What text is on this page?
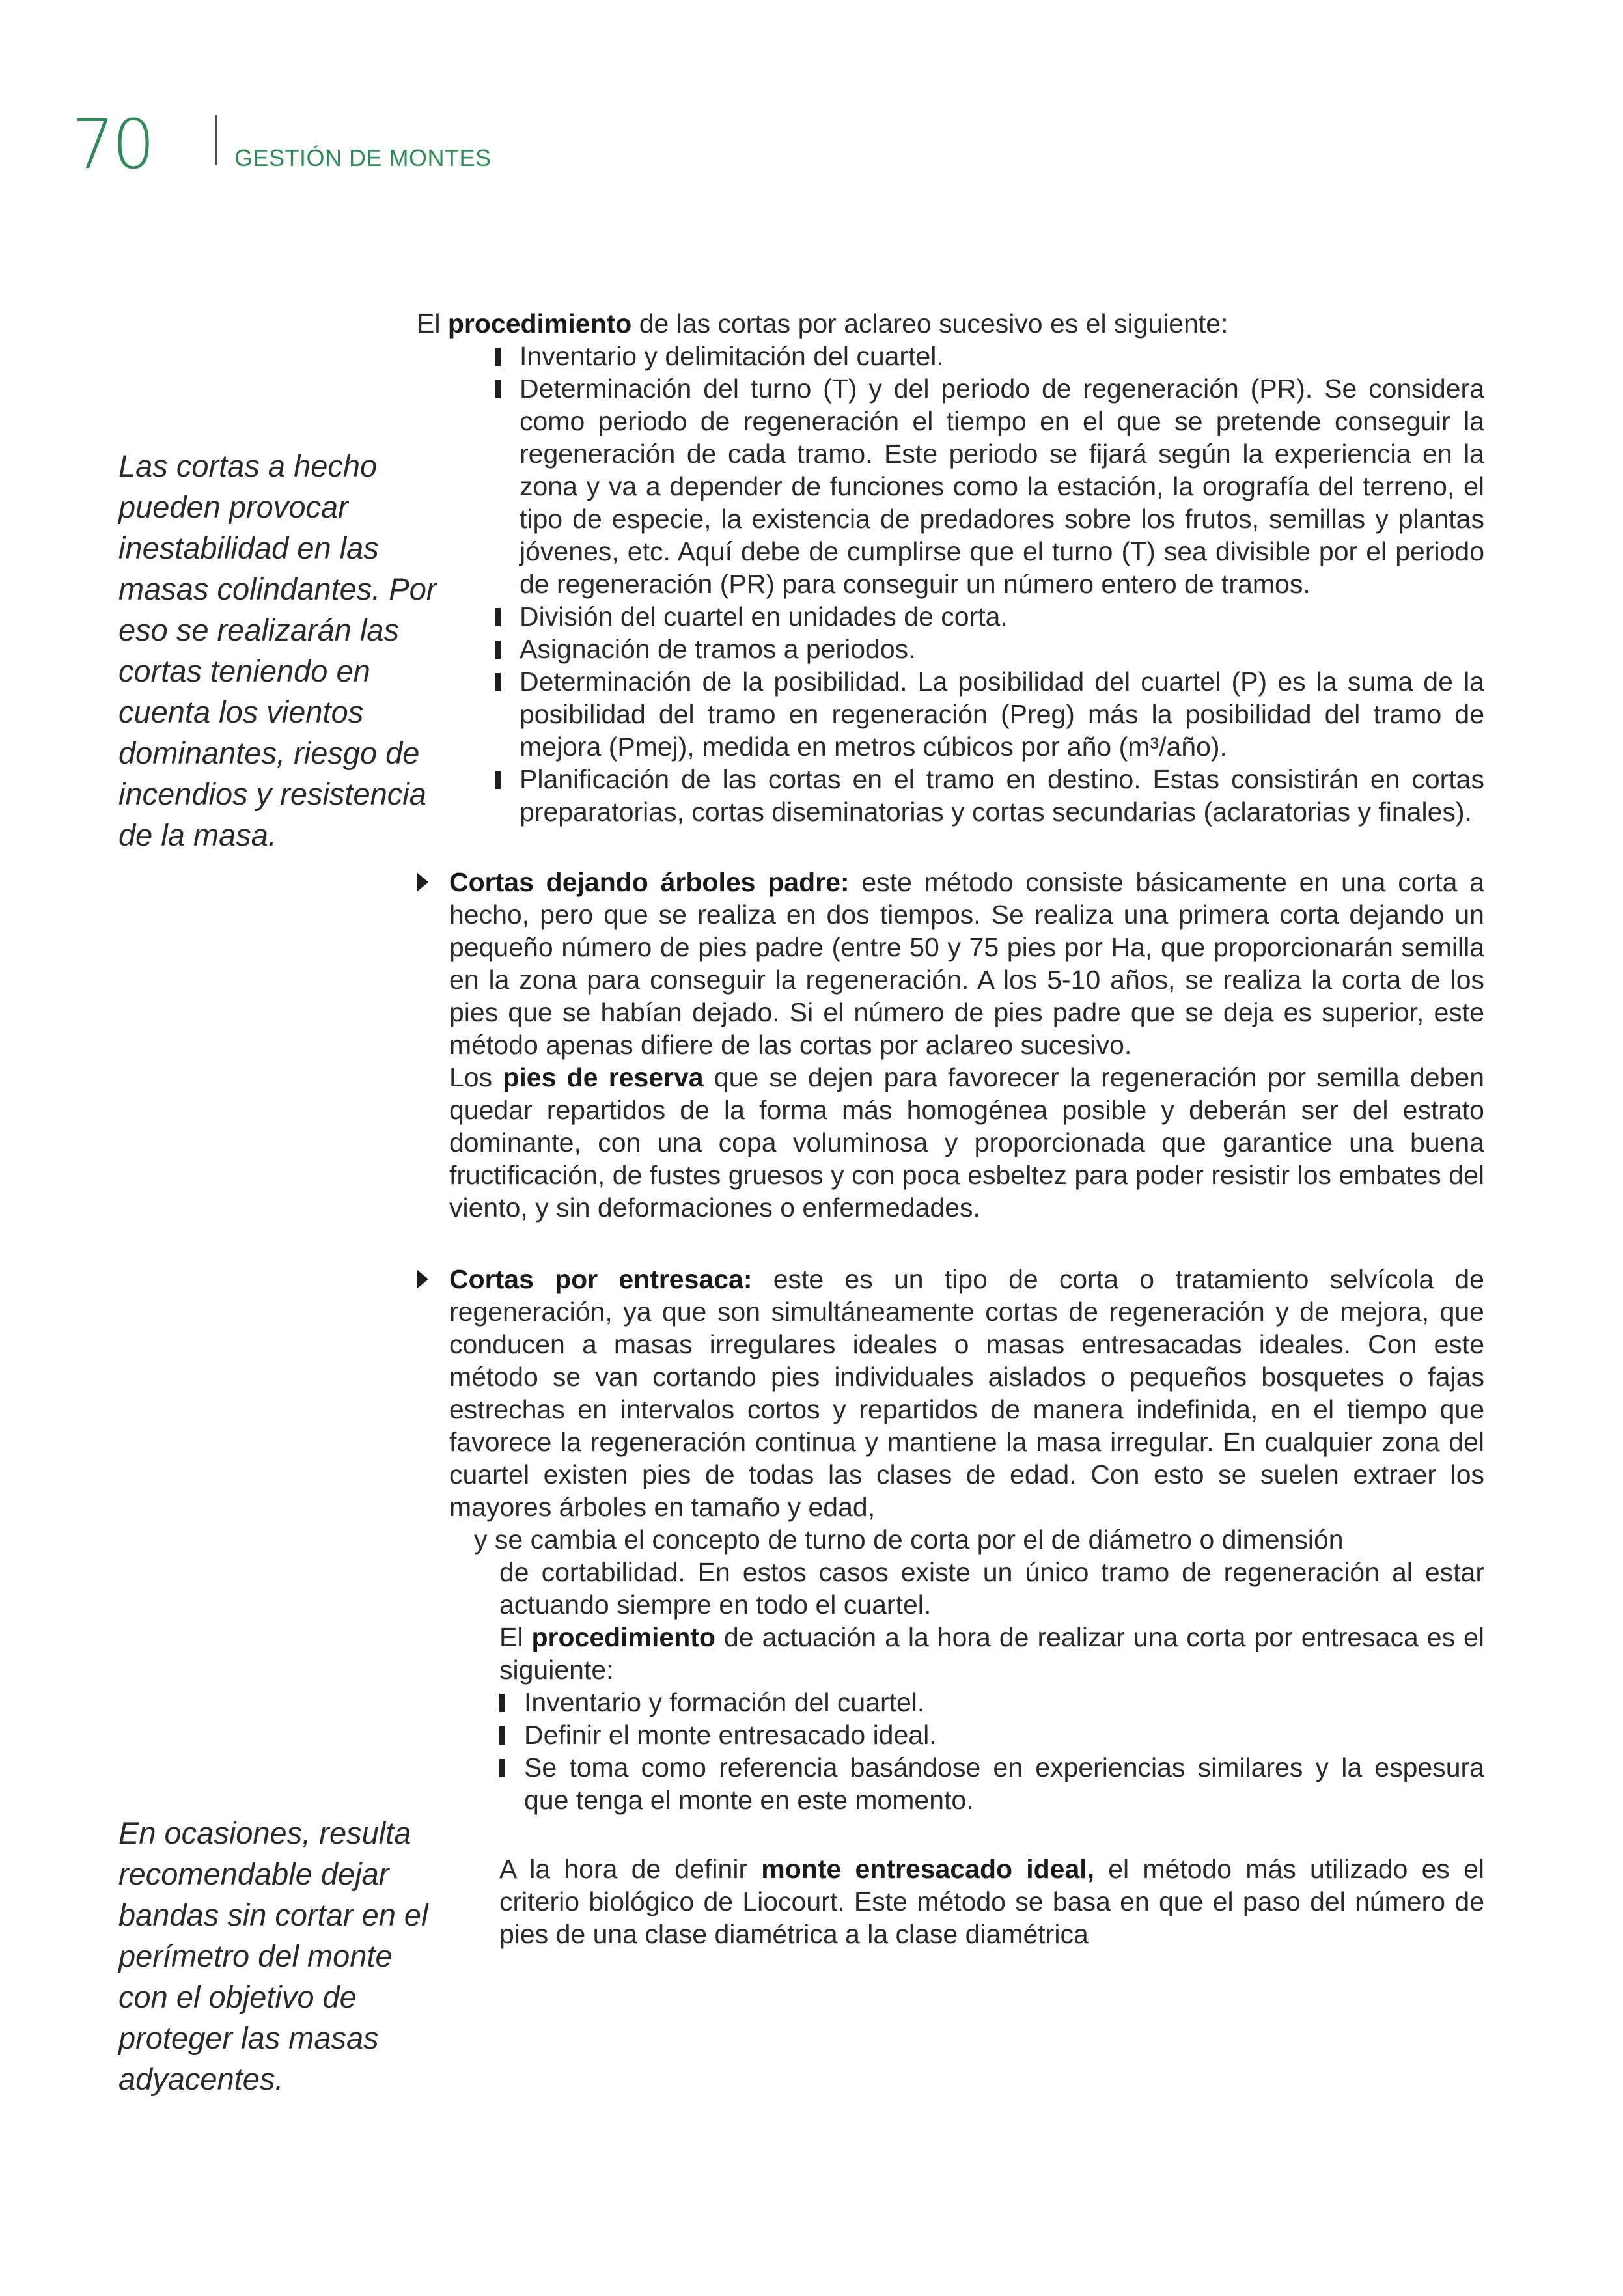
70	GESTIÓN DE MONTES
Las cortas a hecho pueden provocar inestabilidad en las masas colindantes. Por eso se realizarán las cortas teniendo en cuenta los vientos dominantes, riesgo de incendios y resistencia de la masa.
En ocasiones, resulta recomendable dejar bandas sin cortar en el perímetro del monte con el objetivo de proteger las masas adyacentes.

El procedimiento de las cortas por aclareo sucesivo es el siguiente:

Inventario y delimitación del cuartel.
Determinación del turno (T) y del periodo de regeneración (PR). Se considera como periodo de regeneración el tiempo en el que se pretende conseguir la regeneración de cada tramo. Este periodo se fijará según la experiencia en la zona y va a depender de funciones como la estación, la orografía del terreno, el tipo de especie, la existencia de predadores sobre los frutos, semillas y plantas jóvenes, etc. Aquí debe de cumplirse que el turno (T) sea divisible por el periodo de regeneración (PR) para conseguir un número entero de tramos.
División del cuartel en unidades de corta.
Asignación de tramos a periodos.
Determinación de la posibilidad. La posibilidad del cuartel (P) es la suma de la posibilidad del tramo en regeneración (Preg) más la posibilidad del tramo de mejora (Pmej), medida en metros cúbicos por año (m³/año).
Planificación de las cortas en el tramo en destino. Estas consistirán en cortas preparatorias, cortas diseminatorias y cortas secundarias (aclaratorias y finales).

Cortas dejando árboles padre: este método consiste básicamente en una corta a hecho, pero que se realiza en dos tiempos. Se realiza una primera corta dejando un pequeño número de pies padre (entre 50 y 75 pies por Ha, que proporcionarán semilla en la zona para conseguir la regeneración. A los 5-10 años, se realiza la corta de los pies que se habían dejado. Si el número de pies padre que se deja es superior, este método apenas difiere de las cortas por aclareo sucesivo.

Los pies de reserva que se dejen para favorecer la regeneración por semilla deben quedar repartidos de la forma más homogénea posible y deberán ser del estrato dominante, con una copa voluminosa y proporcionada que garantice una buena fructificación, de fustes gruesos y con poca esbeltez para poder resistir los embates del viento, y sin deformaciones o enfermedades.

Cortas por entresaca: este es un tipo de corta o tratamiento selvícola de regeneración, ya que son simultáneamente cortas de regeneración y de mejora, que conducen a masas irregulares ideales o masas entresacadas ideales. Con este método se van cortando pies individuales aislados o pequeños bosquetes o fajas estrechas en intervalos cortos y repartidos de manera indefinida, en el tiempo que favorece la regeneración continua y mantiene la masa irregular. En cualquier zona del cuartel existen pies de todas las clases de edad. Con esto se suelen extraer los mayores árboles en tamaño y edad,

y se cambia el concepto de turno de corta por el de diámetro o dimensión

de cortabilidad. En estos casos existe un único tramo de regeneración al estar actuando siempre en todo el cuartel.

El procedimiento de actuación a la hora de realizar una corta por entresaca es el siguiente:

Inventario y formación del cuartel.
Definir el monte entresacado ideal.
Se toma como referencia basándose en experiencias similares y la espesura que tenga el monte en este momento.

A la hora de definir monte entresacado ideal, el método más utilizado es el criterio biológico de Liocourt. Este método se basa en que el paso del número de pies de una clase diamétrica a la clase diamétrica
